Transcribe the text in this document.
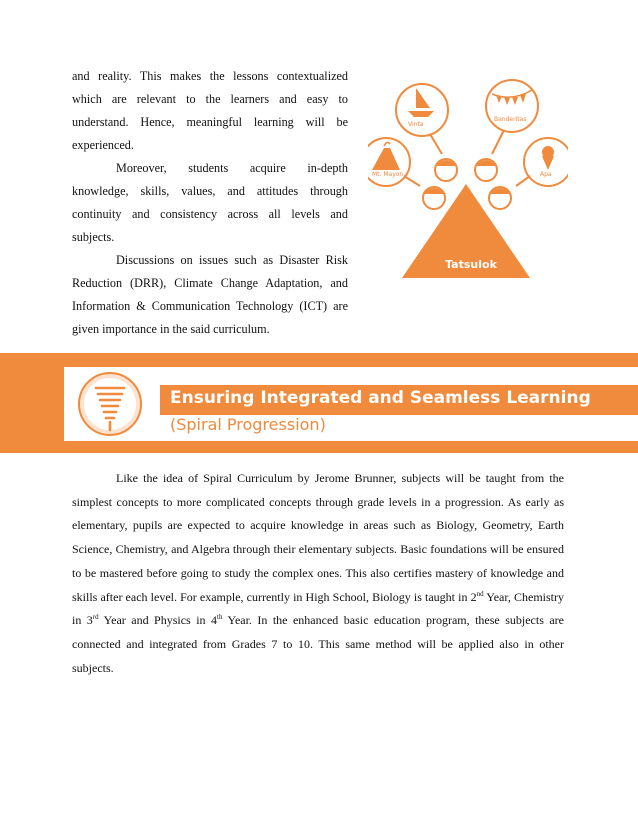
and reality. This makes the lessons contextualized
which are relevant to the learners and easy to
understand. Hence, meaningful learning will be
experienced.
Moreover, students acquire in-depth
knowledge, skills, values, and attitudes through
continuity and consistency across all levels and
subjects.
Discussions on issues such as Disaster Risk
Reduction (DRR), Climate Change Adaptation, and
Information & Communication Technology (ICT) are
given importance in the said curriculum.
Tatsulok
Vinta
Banderitas
Mt. Mayon	Apa
Ensuring Integrated and Seamless Learning

(Spiral Progression)

Like the idea of Spiral Curriculum by Jerome Brunner, subjects will be taught from the simplest concepts to more complicated concepts through grade levels in a progression. As early as elementary, pupils are expected to acquire knowledge in areas such as Biology, Geometry, Earth Science, Chemistry, and Algebra through their elementary subjects. Basic foundations will be ensured to be mastered before going to study the complex ones. This also certifies mastery of knowledge and skills after each level. For example, currently in High School, Biology is taught in 2nd Year, Chemistry in 3rd Year and Physics in 4th Year. In the enhanced basic education program, these subjects are connected and integrated from Grades 7 to 10. This same method will be applied also in other subjects.
